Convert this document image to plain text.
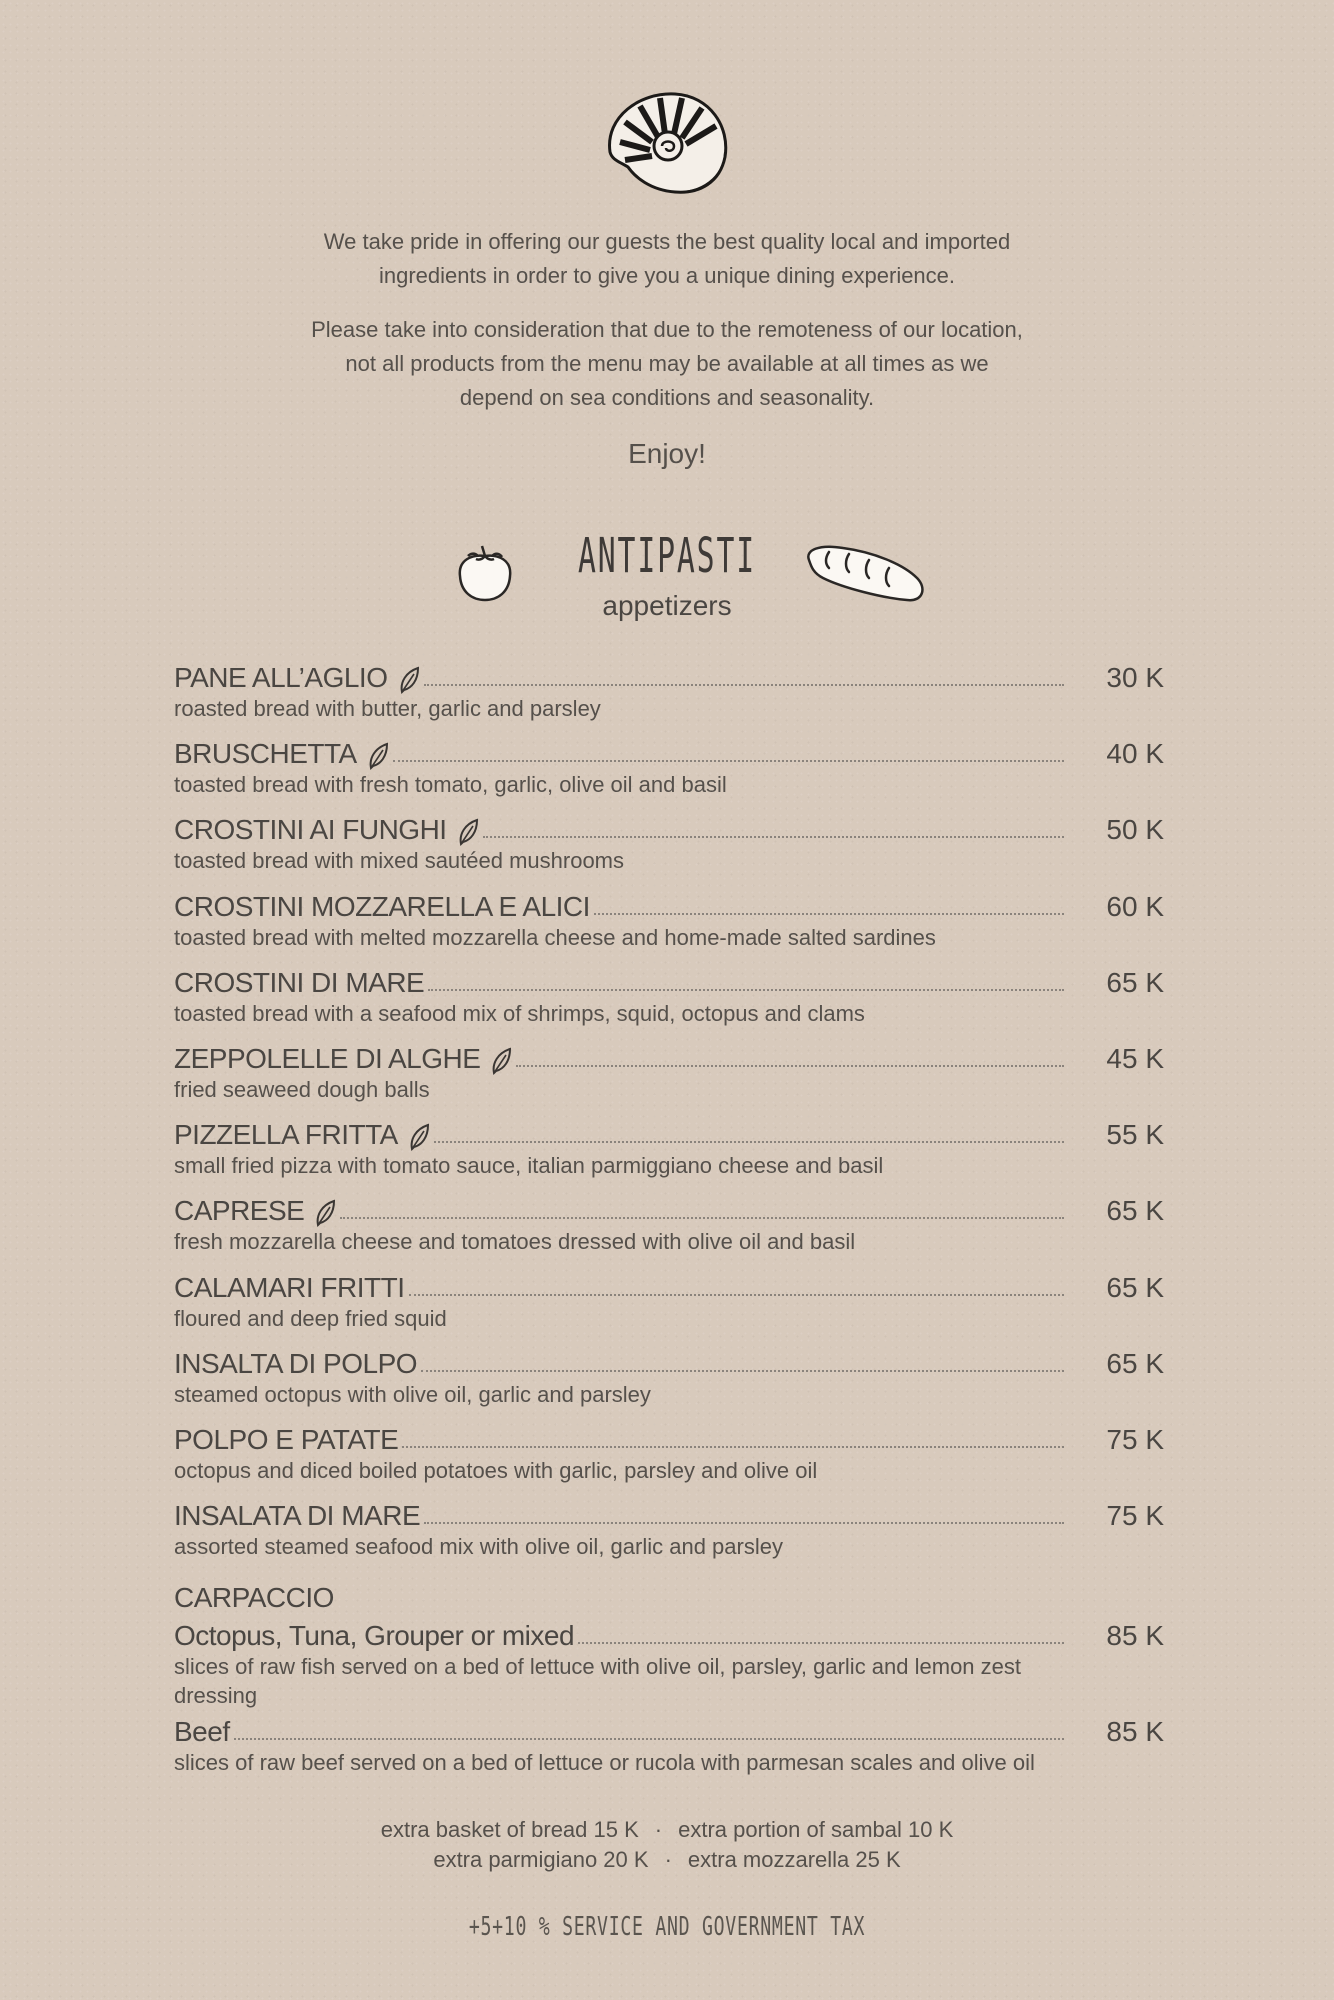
We take pride in offering our guests the best quality local and imported
ingredients in order to give you a unique dining experience.
Please take into consideration that due to the remoteness of our location,
not all products from the menu may be available at all times as we
depend on sea conditions and seasonality.
Enjoy!
ANTIPASTI
appetizers
PANE ALL’AGLIO	30 K
roasted bread with butter, garlic and parsley
BRUSCHETTA	40 K
toasted bread with fresh tomato, garlic, olive oil and basil
CROSTINI AI FUNGHI	50 K
toasted bread with mixed sautéed mushrooms
CROSTINI MOZZARELLA E ALICI	60 K
toasted bread with melted mozzarella cheese and home-made salted sardines
CROSTINI DI MARE	65 K
toasted bread with a seafood mix of shrimps, squid, octopus and clams
ZEPPOLELLE DI ALGHE	45 K
fried seaweed dough balls
PIZZELLA FRITTA	55 K
small fried pizza with tomato sauce, italian parmiggiano cheese and basil
CAPRESE	65 K
fresh mozzarella cheese and tomatoes dressed with olive oil and basil
CALAMARI FRITTI	65 K
floured and deep fried squid
INSALTA DI POLPO	65 K
steamed octopus with olive oil, garlic and parsley
POLPO E PATATE	75 K
octopus and diced boiled potatoes with garlic, parsley and olive oil
INSALATA DI MARE	75 K
assorted steamed seafood mix with olive oil, garlic and parsley
CARPACCIO
Octopus, Tuna, Grouper or mixed	85 K
slices of raw fish served on a bed of lettuce with olive oil, parsley, garlic and lemon zest dressing
Beef	85 K
slices of raw beef served on a bed of lettuce or rucola with parmesan scales and olive oil
extra basket of bread 15 K · extra portion of sambal 10 K
extra parmigiano 20 K · extra mozzarella 25 K
+5+10 % SERVICE AND GOVERNMENT TAX
